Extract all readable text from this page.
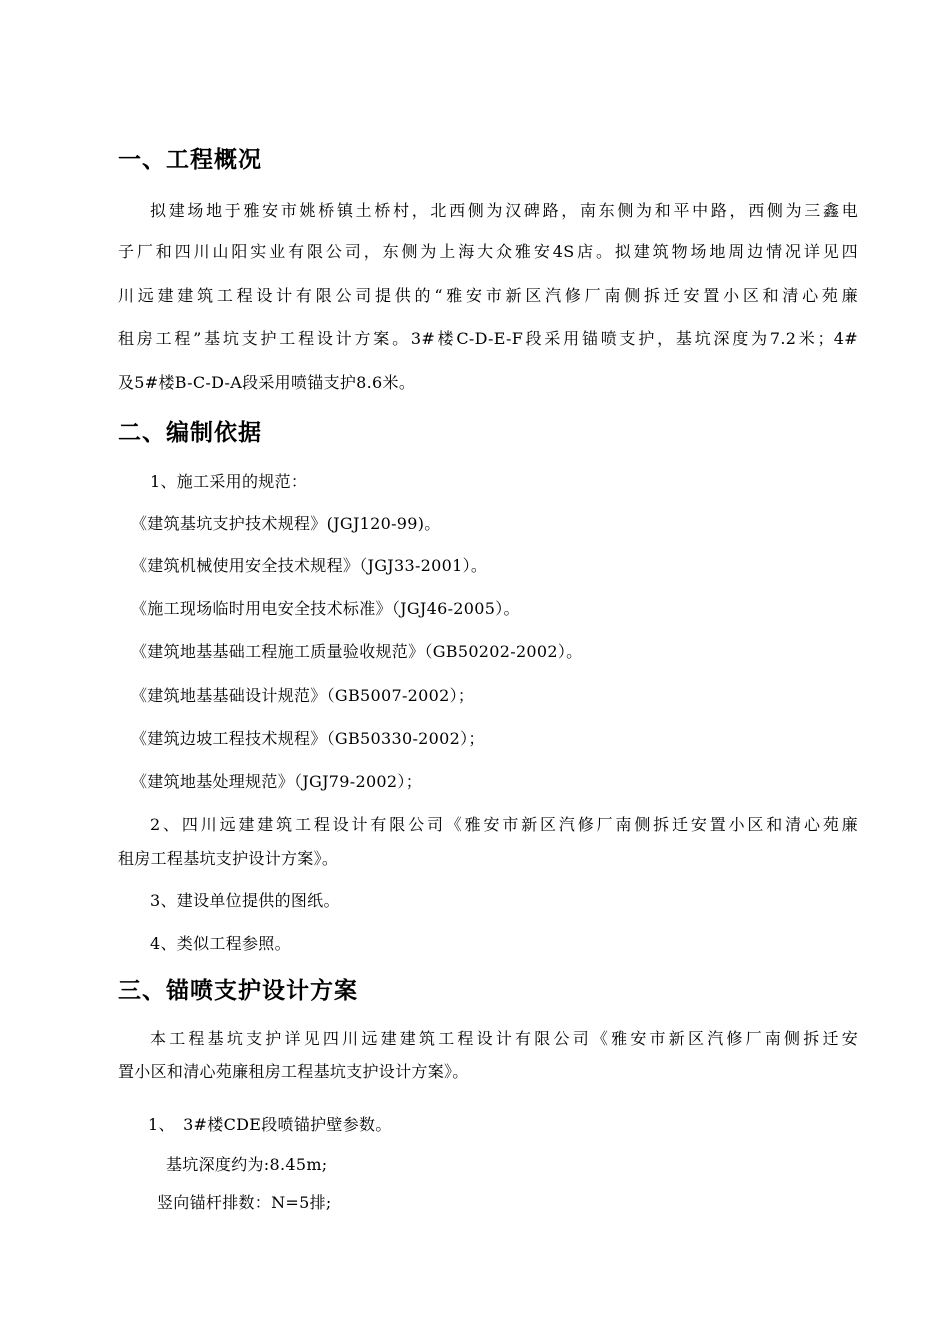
一、工程概况
拟建场地于雅安市姚桥镇土桥村，北西侧为汉碑路，南东侧为和平中路，西侧为三鑫电
子厂和四川山阳实业有限公司，东侧为上海大众雅安4S店。拟建筑物场地周边情况详见四
川远建建筑工程设计有限公司提供的“雅安市新区汽修厂南侧拆迁安置小区和清心苑廉
租房工程”基坑支护工程设计方案。3#楼C-D-E-F段采用锚喷支护，基坑深度为7.2米；4#
及5#楼B-C-D-A段采用喷锚支护8.6米。
二、编制依据
1、施工采用的规范：
《建筑基坑支护技术规程》(JGJ120-99)。
《建筑机械使用安全技术规程》（JGJ33-2001）。
《施工现场临时用电安全技术标准》（JGJ46-2005）。
《建筑地基基础工程施工质量验收规范》（GB50202-2002）。
《建筑地基基础设计规范》（GB5007-2002）；
《建筑边坡工程技术规程》（GB50330-2002）；
《建筑地基处理规范》（JGJ79-2002）；
2、四川远建建筑工程设计有限公司《雅安市新区汽修厂南侧拆迁安置小区和清心苑廉
租房工程基坑支护设计方案》。
3、建设单位提供的图纸。
4、类似工程参照。
三、锚喷支护设计方案
本工程基坑支护详见四川远建建筑工程设计有限公司《雅安市新区汽修厂南侧拆迁安
置小区和清心苑廉租房工程基坑支护设计方案》。
1、　3#楼CDE段喷锚护壁参数。
基坑深度约为:8.45m;
竖向锚杆排数：N=5排;
